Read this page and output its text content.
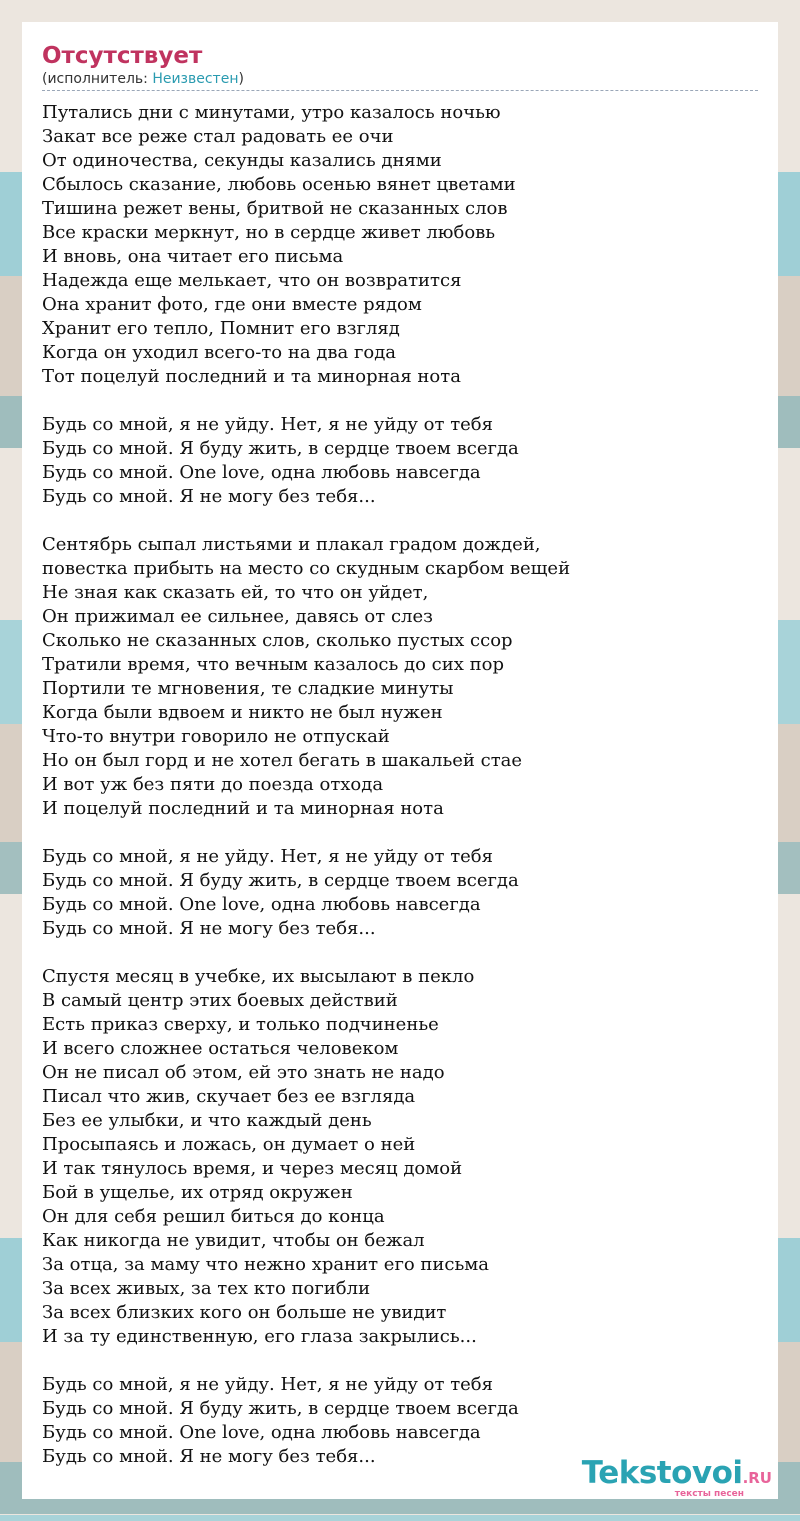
Отсутствует
(исполнитель: Неизвестен)
Путались дни с минутами, утро казалось ночью
Закат все реже стал радовать ее очи
От одиночества, секунды казались днями
Сбылось сказание, любовь осенью вянет цветами
Тишина режет вены, бритвой не сказанных слов
Все краски меркнут, но в сердце живет любовь
И вновь, она читает его письма
Надежда еще мелькает, что он возвратится
Она хранит фото, где они вместе рядом
Хранит его тепло, Помнит его взгляд
Когда он уходил всего-то на два года
Тот поцелуй последний и та минорная нота
Будь со мной, я не уйду. Нет, я не уйду от тебя
Будь со мной. Я буду жить, в сердце твоем всегда
Будь со мной. One love, одна любовь навсегда
Будь со мной. Я не могу без тебя...
Сентябрь сыпал листьями и плакал градом дождей,
повестка прибыть на место со скудным скарбом вещей
Не зная как сказать ей, то что он уйдет,
Он прижимал ее сильнее, давясь от слез
Сколько не сказанных слов, сколько пустых ссор
Тратили время, что вечным казалось до сих пор
Портили те мгновения, те сладкие минуты
Когда были вдвоем и никто не был нужен
Что-то внутри говорило не отпускай
Но он был горд и не хотел бегать в шакальей стае
И вот уж без пяти до поезда отхода
И поцелуй последний и та минорная нота
Будь со мной, я не уйду. Нет, я не уйду от тебя
Будь со мной. Я буду жить, в сердце твоем всегда
Будь со мной. One love, одна любовь навсегда
Будь со мной. Я не могу без тебя...
Спустя месяц в учебке, их высылают в пекло
В самый центр этих боевых действий
Есть приказ сверху, и только подчиненье
И всего сложнее остаться человеком
Он не писал об этом, ей это знать не надо
Писал что жив, скучает без ее взгляда
Без ее улыбки, и что каждый день
Просыпаясь и ложась, он думает о ней
И так тянулось время, и через месяц домой
Бой в ущелье, их отряд окружен
Он для себя решил биться до конца
Как никогда не увидит, чтобы он бежал
За отца, за маму что нежно хранит его письма
За всех живых, за тех кто погибли
За всех близких кого он больше не увидит
И за ту единственную, его глаза закрылись...
Будь со мной, я не уйду. Нет, я не уйду от тебя
Будь со мной. Я буду жить, в сердце твоем всегда
Будь со мной. One love, одна любовь навсегда
Будь со мной. Я не могу без тебя...	Tekstovoi.RU
тексты песен
